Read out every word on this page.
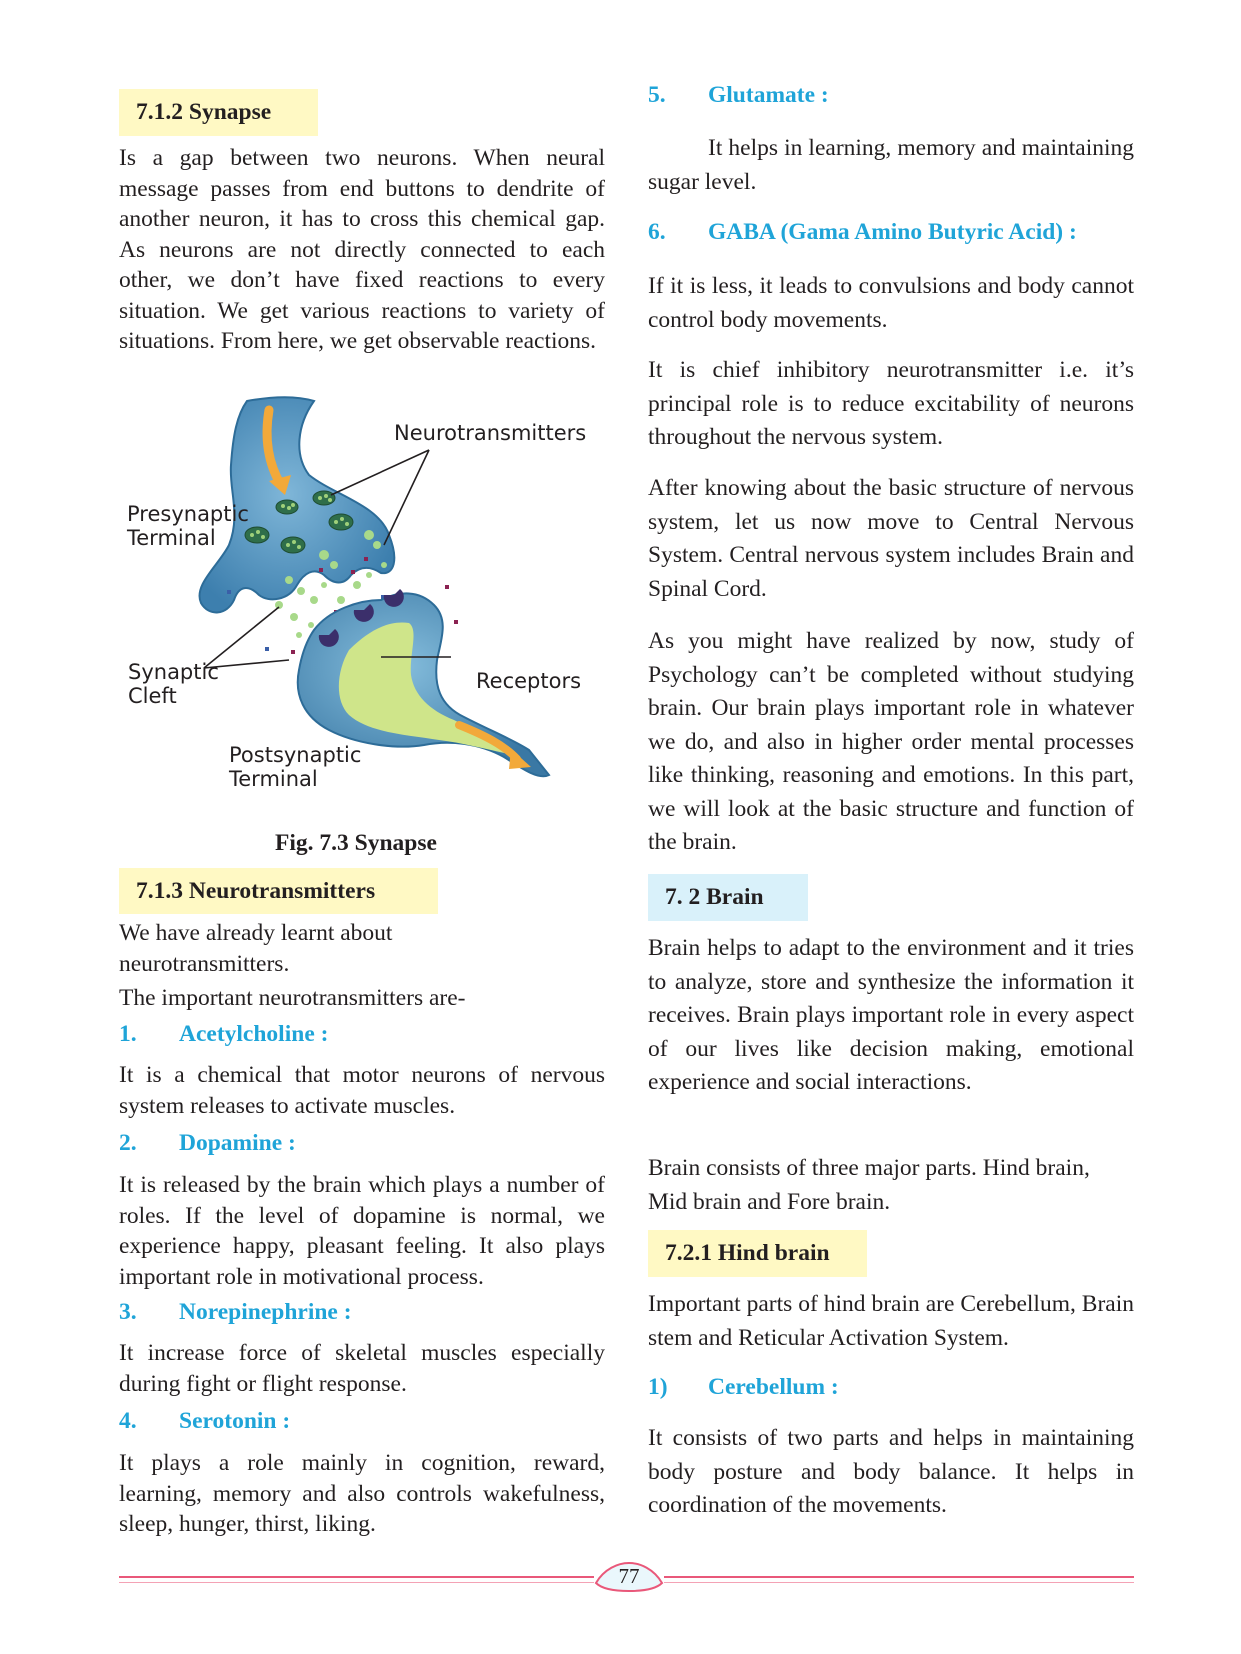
7.1.2 Synapse

Is a gap between two neurons. When neural message passes from end buttons to dendrite of another neuron, it has to cross this chemical gap. As neurons are not directly connected to each other, we don’t have fixed reactions to every situation. We get various reactions to variety of situations. From here, we get observable reactions.

Neurotransmitters
Presynaptic
Terminal
Synaptic
Cleft
Receptors
Postsynaptic
Terminal
Fig. 7.3 Synapse
7.1.3 Neurotransmitters

We have already learnt about neurotransmitters.

The important neurotransmitters are-

1. Acetylcholine :

It is a chemical that motor neurons of nervous system releases to activate muscles.

2. Dopamine :

It is released by the brain which plays a number of roles. If the level of dopamine is normal, we experience happy, pleasant feeling. It also plays important role in motivational process.

3. Norepinephrine :

It increase force of skeletal muscles especially during fight or flight response.

4. Serotonin :

It plays a role mainly in cognition, reward, learning, memory and also controls wakefulness, sleep, hunger, thirst, liking.

5. Glutamate :

It helps in learning, memory and maintaining sugar level.

6. GABA (Gama Amino Butyric Acid) :

If it is less, it leads to convulsions and body cannot control body movements.

It is chief inhibitory neurotransmitter i.e. it’s principal role is to reduce excitability of neurons throughout the nervous system.

After knowing about the basic structure of nervous system, let us now move to Central Nervous System. Central nervous system includes Brain and Spinal Cord.

As you might have realized by now, study of Psychology can’t be completed without studying brain. Our brain plays important role in whatever we do, and also in higher order mental processes like thinking, reasoning and emotions. In this part, we will look at the basic structure and function of the brain.

7. 2 Brain

Brain helps to adapt to the environment and it tries to analyze, store and synthesize the information it receives. Brain plays important role in every aspect of our lives like decision making, emotional experience and social interactions.

Brain consists of three major parts. Hind brain, Mid brain and Fore brain.

7.2.1 Hind brain

Important parts of hind brain are Cerebellum, Brain stem and Reticular Activation System.

1) Cerebellum :

It consists of two parts and helps in maintaining body posture and body balance. It helps in coordination of the movements.

77
